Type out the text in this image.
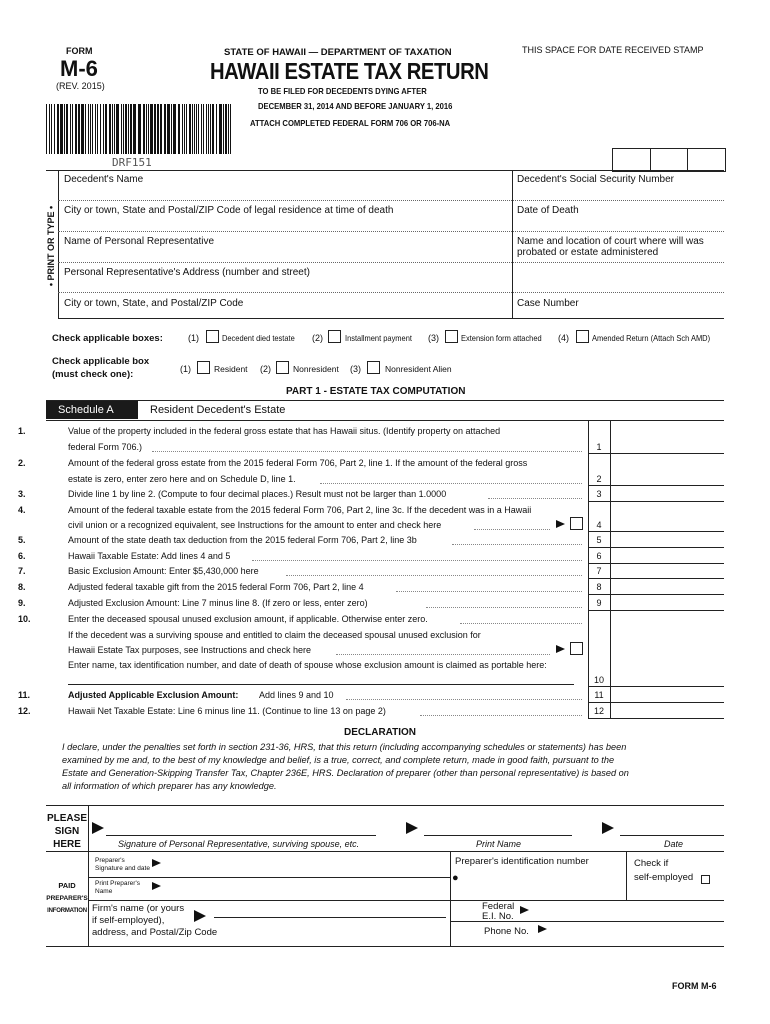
FORM
M-6
(REV. 2015)
STATE OF HAWAII — DEPARTMENT OF TAXATION
HAWAII ESTATE TAX RETURN
TO BE FILED FOR DECEDENTS DYING AFTER
DECEMBER 31, 2014 AND BEFORE JANUARY 1, 2016
ATTACH COMPLETED FEDERAL FORM 706 OR 706-NA
THIS SPACE FOR DATE RECEIVED STAMP
DRF151
• PRINT OR TYPE •
Decedent's Name	Decedent's Social Security Number
City or town, State and Postal/ZIP Code of legal residence at time of death	Date of Death
Name of Personal Representative	Name and location of court where will was probated or estate administered
Personal Representative's Address (number and street)
City or town, State, and Postal/ZIP Code	Case Number
Check applicable boxes:	(1)	Decedent died testate (2)	Installment payment (3)	Extension form attached (4)	Amended Return (Attach Sch AMD)
Check applicable box
(must check one):	(1)	Resident (2)	Nonresident (3)	Nonresident Alien
PART 1 - ESTATE TAX COMPUTATION
Schedule A	Resident Decedent's Estate
1.	Value of the property included in the federal gross estate that has Hawaii situs. (Identify property on attached
federal Form 706.)	1
2.	Amount of the federal gross estate from the 2015 federal Form 706, Part 2, line 1. If the amount of the federal gross
estate is zero, enter zero here and on Schedule D, line 1.	2
3.	Divide line 1 by line 2. (Compute to four decimal places.) Result must not be larger than 1.0000	3
4.	Amount of the federal taxable estate from the 2015 federal Form 706, Part 2, line 3c. If the decedent was in a Hawaii
civil union or a recognized equivalent, see Instructions for the amount to enter and check here	4
5.	Amount of the state death tax deduction from the 2015 federal Form 706, Part 2, line 3b	5
6.	Hawaii Taxable Estate: Add lines 4 and 5	6
7.	Basic Exclusion Amount: Enter $5,430,000 here	7
8.	Adjusted federal taxable gift from the 2015 federal Form 706, Part 2, line 4	8
9.	Adjusted Exclusion Amount: Line 7 minus line 8. (If zero or less, enter zero)	9
10.	Enter the deceased spousal unused exclusion amount, if applicable. Otherwise enter zero.
If the decedent was a surviving spouse and entitled to claim the deceased spousal unused exclusion for
Hawaii Estate Tax purposes, see Instructions and check here
Enter name, tax identification number, and date of death of spouse whose exclusion amount is claimed as portable here:
10
11.	Adjusted Applicable Exclusion Amount: Add lines 9 and 10	11
12.	Hawaii Net Taxable Estate: Line 6 minus line 11. (Continue to line 13 on page 2)	12
DECLARATION
I declare, under the penalties set forth in section 231-36, HRS, that this return (including accompanying schedules or statements) has been
examined by me and, to the best of my knowledge and belief, is a true, correct, and complete return, made in good faith, pursuant to the
Estate and Generation-Skipping Transfer Tax, Chapter 236E, HRS. Declaration of preparer (other than personal representative) is based on
all information of which preparer has any knowledge.
PLEASE
SIGN
HERE	Signature of Personal Representative, surviving spouse, etc.	Print Name	Date
PAID
PREPARER'S
INFORMATION
Preparer's
Signature and date
Print Preparer's
Name
Preparer's identification number
●
Check if
self-employed
Firm's name (or yours
if self-employed),
address, and Postal/Zip Code
Federal
E.I. No.
Phone No.
FORM M-6
